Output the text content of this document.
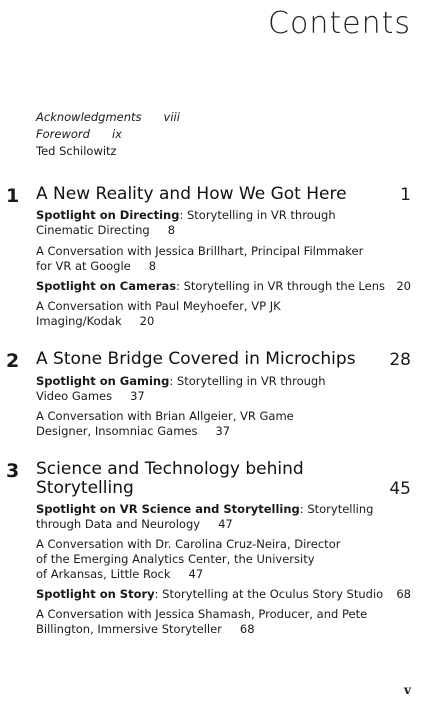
Contents
Acknowledgments viii
Foreword ix
Ted Schilowitz
1 A New Reality and How We Got Here	1
Spotlight on Directing: Storytelling in VR through
Cinematic Directing 8
A Conversation with Jessica Brillhart, Principal Filmmaker
for VR at Google 8
Spotlight on Cameras: Storytelling in VR through the Lens 20
A Conversation with Paul Meyhoefer, VP JK
Imaging/Kodak 20
2 A Stone Bridge Covered in Microchips	28
Spotlight on Gaming: Storytelling in VR through
Video Games 37
A Conversation with Brian Allgeier, VR Game
Designer, Insomniac Games 37
3 Science and Technology behind
Storytelling	45
Spotlight on VR Science and Storytelling: Storytelling
through Data and Neurology 47
A Conversation with Dr. Carolina Cruz-Neira, Director
of the Emerging Analytics Center, the University
of Arkansas, Little Rock 47
Spotlight on Story: Storytelling at the Oculus Story Studio 68
A Conversation with Jessica Shamash, Producer, and Pete
Billington, Immersive Storyteller 68
v
